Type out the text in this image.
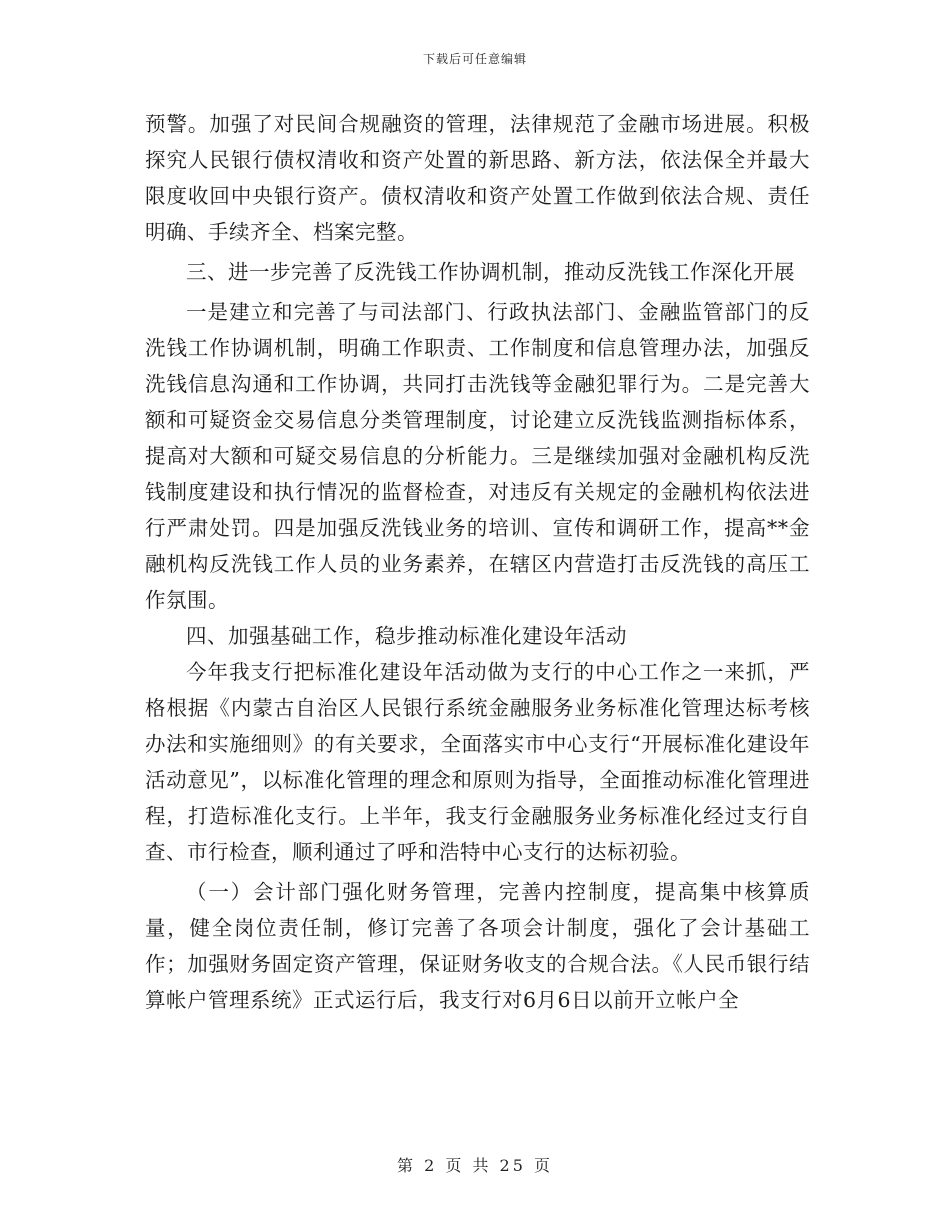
下载后可任意编辑

预警。加强了对民间合规融资的管理，法律规范了金融市场进展。积极探究人民银行债权清收和资产处置的新思路、新方法，依法保全并最大限度收回中央银行资产。债权清收和资产处置工作做到依法合规、责任明确、手续齐全、档案完整。

三、进一步完善了反洗钱工作协调机制，推动反洗钱工作深化开展

一是建立和完善了与司法部门、行政执法部门、金融监管部门的反洗钱工作协调机制，明确工作职责、工作制度和信息管理办法，加强反洗钱信息沟通和工作协调，共同打击洗钱等金融犯罪行为。二是完善大额和可疑资金交易信息分类管理制度，讨论建立反洗钱监测指标体系，提高对大额和可疑交易信息的分析能力。三是继续加强对金融机构反洗钱制度建设和执行情况的监督检查，对违反有关规定的金融机构依法进行严肃处罚。四是加强反洗钱业务的培训、宣传和调研工作，提高**金融机构反洗钱工作人员的业务素养，在辖区内营造打击反洗钱的高压工作氛围。

四、加强基础工作，稳步推动标准化建设年活动

今年我支行把标准化建设年活动做为支行的中心工作之一来抓，严格根据《内蒙古自治区人民银行系统金融服务业务标准化管理达标考核办法和实施细则》的有关要求，全面落实市中心支行“开展标准化建设年活动意见”，以标准化管理的理念和原则为指导，全面推动标准化管理进程，打造标准化支行。上半年，我支行金融服务业务标准化经过支行自查、市行检查，顺利通过了呼和浩特中心支行的达标初验。

（一）会计部门强化财务管理，完善内控制度，提高集中核算质量，健全岗位责任制，修订完善了各项会计制度，强化了会计基础工作；加强财务固定资产管理，保证财务收支的合规合法。《人民币银行结算帐户管理系统》正式运行后，我支行对6月6日以前开立帐户全

第 2 页 共 25 页
